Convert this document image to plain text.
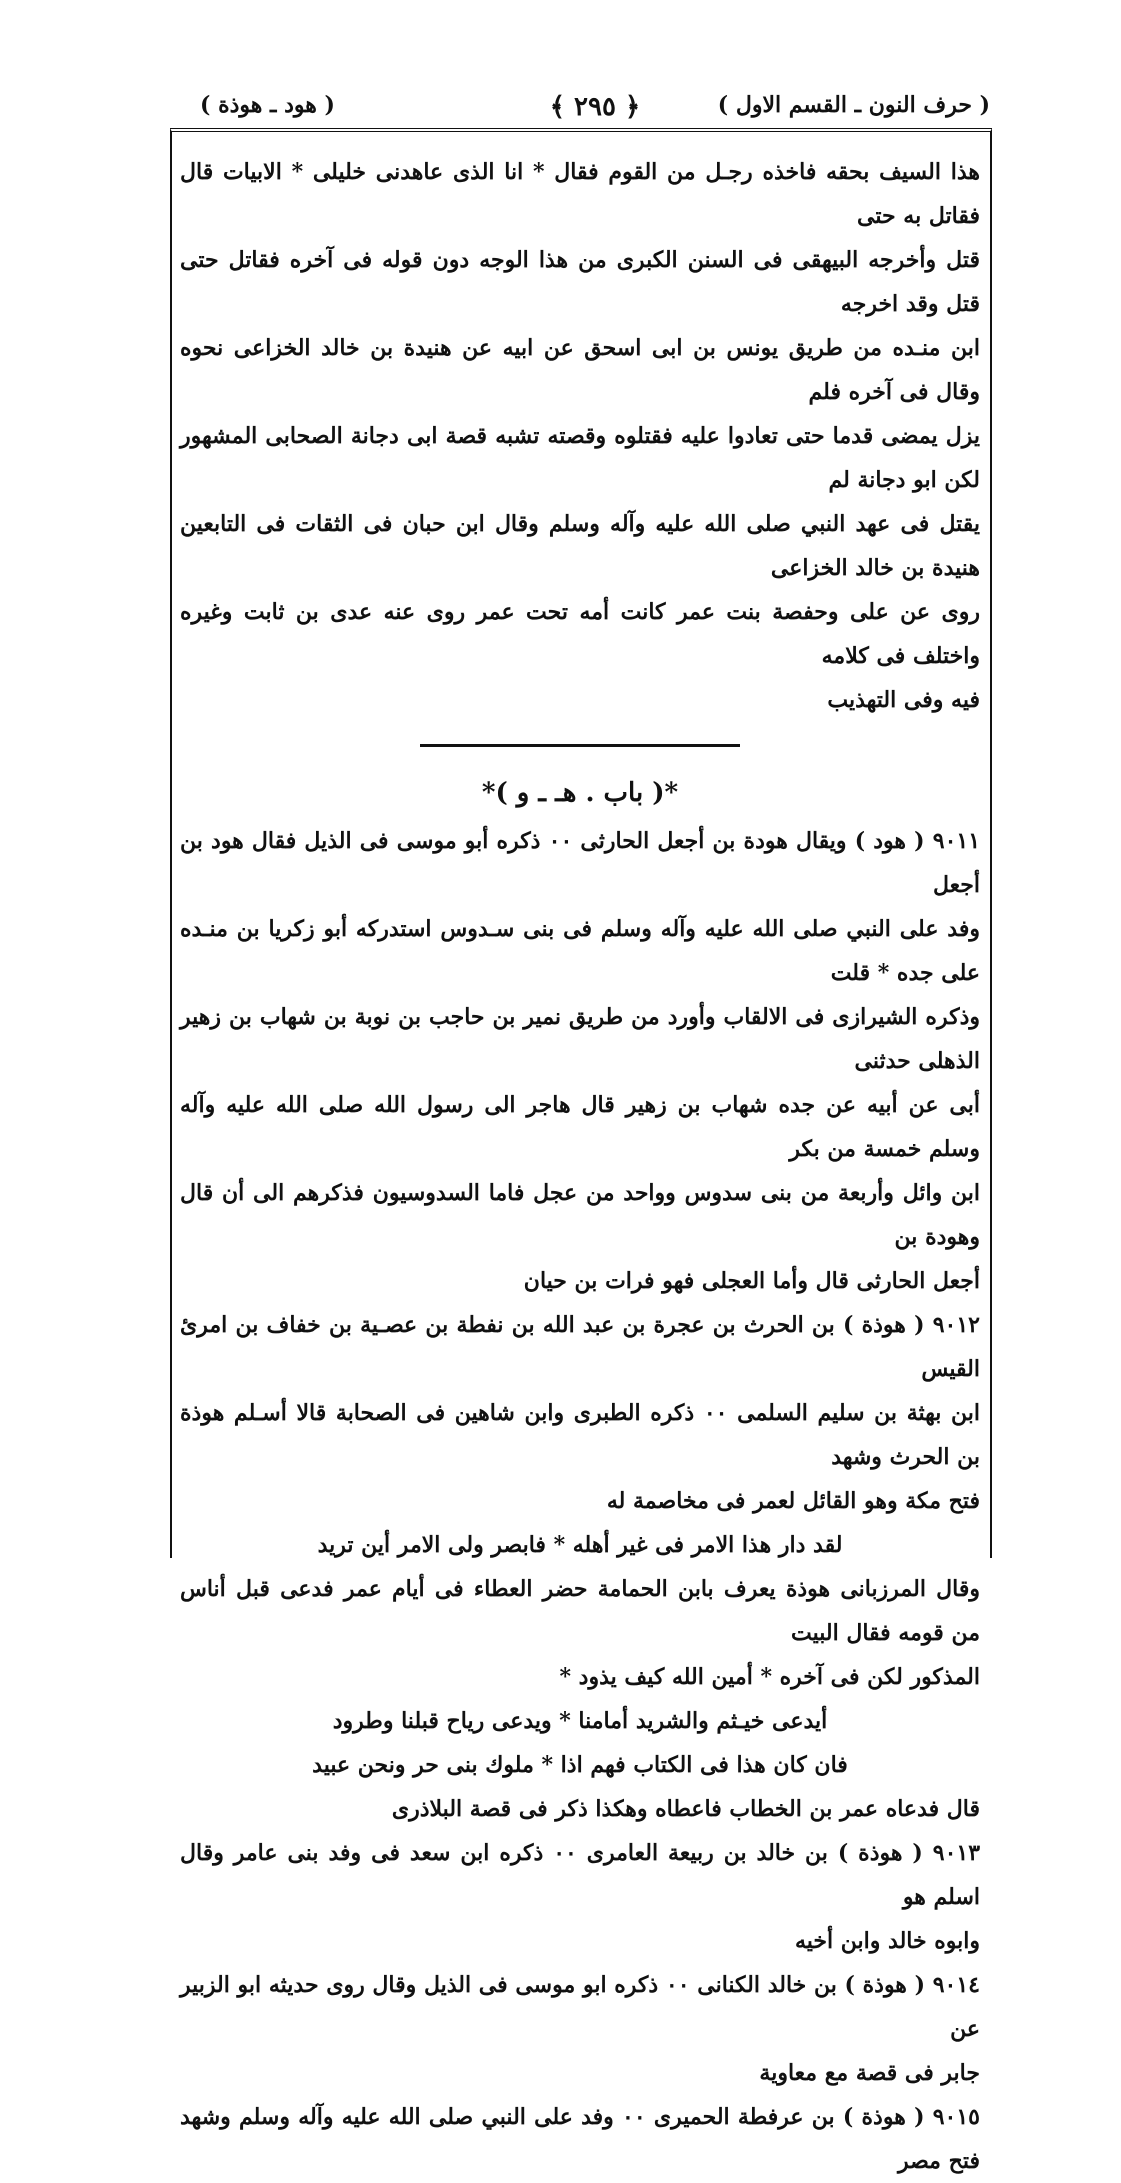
( حرف النون ـ القسم الاول )
﴿ ٢٩٥ ﴾
( هود ـ هوذة )

هذا السيف بحقه فاخذه رجـل من القوم فقال * انا الذى عاهدنى خليلى * الابيات قال فقاتل به حتى

قتل وأخرجه البيهقى فى السنن الكبرى من هذا الوجه دون قوله فى آخره فقاتل حتى قتل وقد اخرجه

ابن منـده من طريق يونس بن ابى اسحق عن ابيه عن هنيدة بن خالد الخزاعى نحوه وقال فى آخره فلم

يزل يمضى قدما حتى تعادوا عليه فقتلوه وقصته تشبه قصة ابى دجانة الصحابى المشهور لكن ابو دجانة لم

يقتل فى عهد النبي صلى الله عليه وآله وسلم وقال ابن حبان فى الثقات فى التابعين هنيدة بن خالد الخزاعى

روى عن على وحفصة بنت عمر كانت أمه تحت عمر روى عنه عدى بن ثابت وغيره واختلف فى كلامه

فيه وفى التهذيب

*( باب . هـ ـ و )*

٩٠١١ ( هود ) ويقال هودة بن أجعل الحارثى ٠٠ ذكره أبو موسى فى الذيل فقال هود بن أجعل

وفد على النبي صلى الله عليه وآله وسلم فى بنى سـدوس استدركه أبو زكريا بن منـده على جده * قلت

وذكره الشيرازى فى الالقاب وأورد من طريق نمير بن حاجب بن نوبة بن شهاب بن زهير الذهلى حدثنى

أبى عن أبيه عن جده شهاب بن زهير قال هاجر الى رسول الله صلى الله عليه وآله وسلم خمسة من بكر

ابن وائل وأربعة من بنى سدوس وواحد من عجل فاما السدوسيون فذكرهم الى أن قال وهودة بن

أجعل الحارثى قال وأما العجلى فهو فرات بن حيان

٩٠١٢ ( هوذة ) بن الحرث بن عجرة بن عبد الله بن نفطة بن عصـية بن خفاف بن امرئ القيس

ابن بهثة بن سليم السلمى ٠٠ ذكره الطبرى وابن شاهين فى الصحابة قالا أسـلم هوذة بن الحرث وشهد

فتح مكة وهو القائل لعمر فى مخاصمة له

لقد دار هذا الامر فى غير أهله * فابصر ولى الامر أين تريد

وقال المرزبانى هوذة يعرف بابن الحمامة حضر العطاء فى أيام عمر فدعى قبل أناس من قومه فقال البيت

المذكور لكن فى آخره * أمين الله كيف يذود *

أيدعى خيـثم والشريد أمامنا * ويدعى رياح قبلنا وطرود

فان كان هذا فى الكتاب فهم اذا * ملوك بنى حر ونحن عبيد

قال فدعاه عمر بن الخطاب فاعطاه وهكذا ذكر فى قصة البلاذرى

٩٠١٣ ( هوذة ) بن خالد بن ربيعة العامرى ٠٠ ذكره ابن سعد فى وفد بنى عامر وقال اسلم هو

وابوه خالد وابن أخيه

٩٠١٤ ( هوذة ) بن خالد الكنانى ٠٠ ذكره ابو موسى فى الذيل وقال روى حديثه ابو الزبير عن

جابر فى قصة مع معاوية

٩٠١٥ ( هوذة ) بن عرفطة الحميرى ٠٠ وفد على النبي صلى الله عليه وآله وسلم وشهد فتح مصر
